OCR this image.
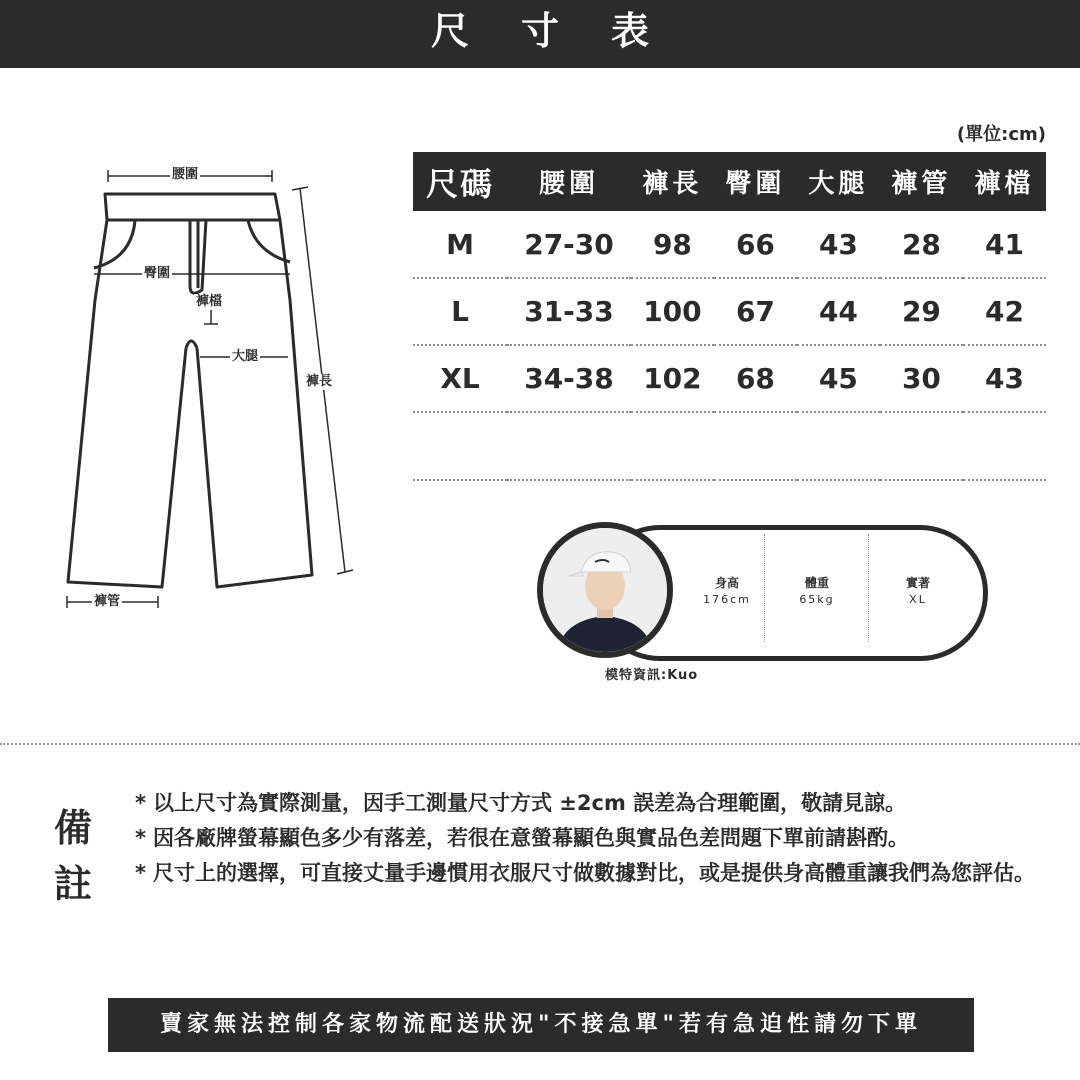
尺寸表
腰圍
臀圍
褲檔
大腿
褲長
褲管
(單位:cm)
尺碼	腰圍	褲長	臀圍	大腿	褲管	褲檔
M	27-30	98	66	43	28	41
L	31-33	100	67	44	29	42
XL	34-38	102	68	45	30	43

身高
176cm
體重
65kg
實著
XL
模特資訊:Kuo
備
註
* 以上尺寸為實際測量，因手工測量尺寸方式 ±2cm 誤差為合理範圍，敬請見諒。
* 因各廠牌螢幕顯色多少有落差，若很在意螢幕顯色與實品色差問題下單前請斟酌。
* 尺寸上的選擇，可直接丈量手邊慣用衣服尺寸做數據對比，或是提供身高體重讓我們為您評估。
賣家無法控制各家物流配送狀況"不接急單"若有急迫性請勿下單
